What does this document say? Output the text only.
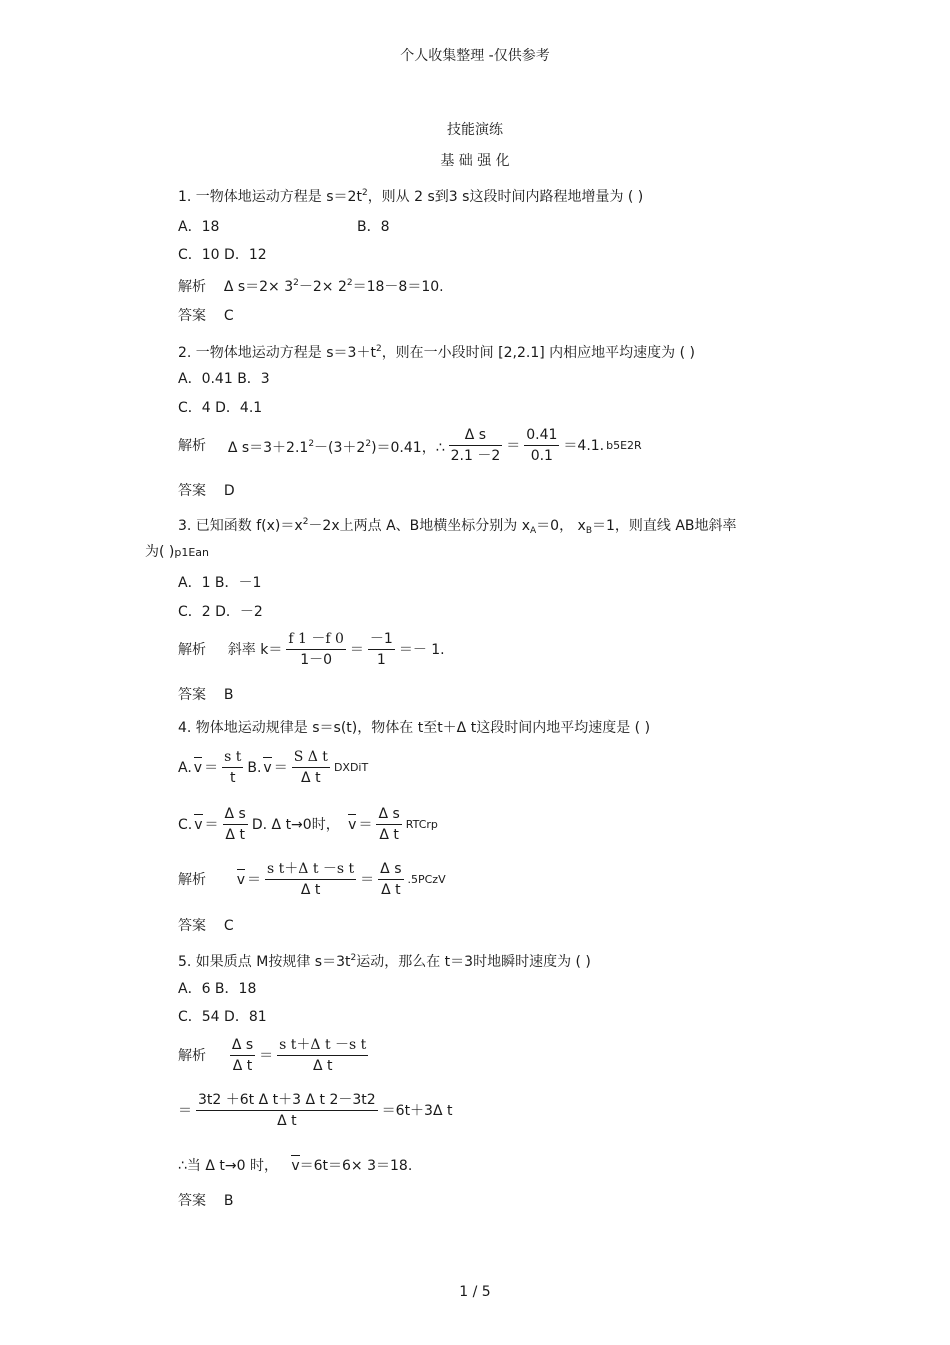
个人收集整理 -仅供参考
技能演练
基 础 强 化
1. 一物体地运动方程是 $s=2t^2$，则从 2 s到3 s这段时间内路程地增量为 ( )
A．18	B．8
C．10 D．12
解析 Δ $s=2\times 3^2-2\times 2^2=18-8=10$.
答案 C
2. 一物体地运动方程是 $s=3+t^2$，则在一小段时间 [2,2.1] 内相应地平均速度为 ( )
A．0.41 B．3
C．4 D．4.1
解析
Δ $s=3+2.1^2-(3+2^2)=0.41$，∴ $\frac{\text{Δ s}}{2.1 -2} = \frac{0.41}{0.1} =4.1$. b5E2R
答案 D
3. 已知函数 $f(x)=x^2-2x$上两点 A、B地横坐标分别为 $x_A=0$， $x_B=1$，则直线 AB地斜率
为( )p1Ean
A．1 B．－1
C．2 D．－2
解析
斜率 $k= \frac{f 1 -f 0}{1-0} = \frac{-1}{1} =- 1$.
答案 B
4. 物体地运动规律是 s＝s(t)，物体在 t至t＋Δ t这段时间内地平均速度是 ( )
A. $v = \frac{\text{s t}}{t} B$. $v = \frac{\text{S Δ t}}{\text{Δ t}}$ DXDiT
C. $v = \frac{\text{Δ s}}{\text{Δ t}} D$. Δ t→0时，
$v = \frac{\text{Δ s}}{\text{Δ t}}$ RTCrp
解析
$v = \frac{\text{s t＋Δ t －s t}}{\text{Δ t}} = \frac{\text{Δ s}}{\text{Δ t}}$ .5PCzV
答案 C
5. 如果质点 M按规律 $s=3t^2$运动，那么在 t＝3时地瞬时速度为 ( )
A．6 B．18
C．54 D．81
解析
$\frac{\text{Δ s}}{\text{Δ t}} = \frac{\text{s t＋Δ t －s t}}{\text{Δ t}}$
＝ $\frac{\text{3t2 ＋6t Δ t＋3 Δ t 2－3t2}}{\text{Δ t}} =6t+3\Delta$ t
∴当 Δ t→0 时， v＝6t＝6× 3＝18.
答案 B
1 / 5
